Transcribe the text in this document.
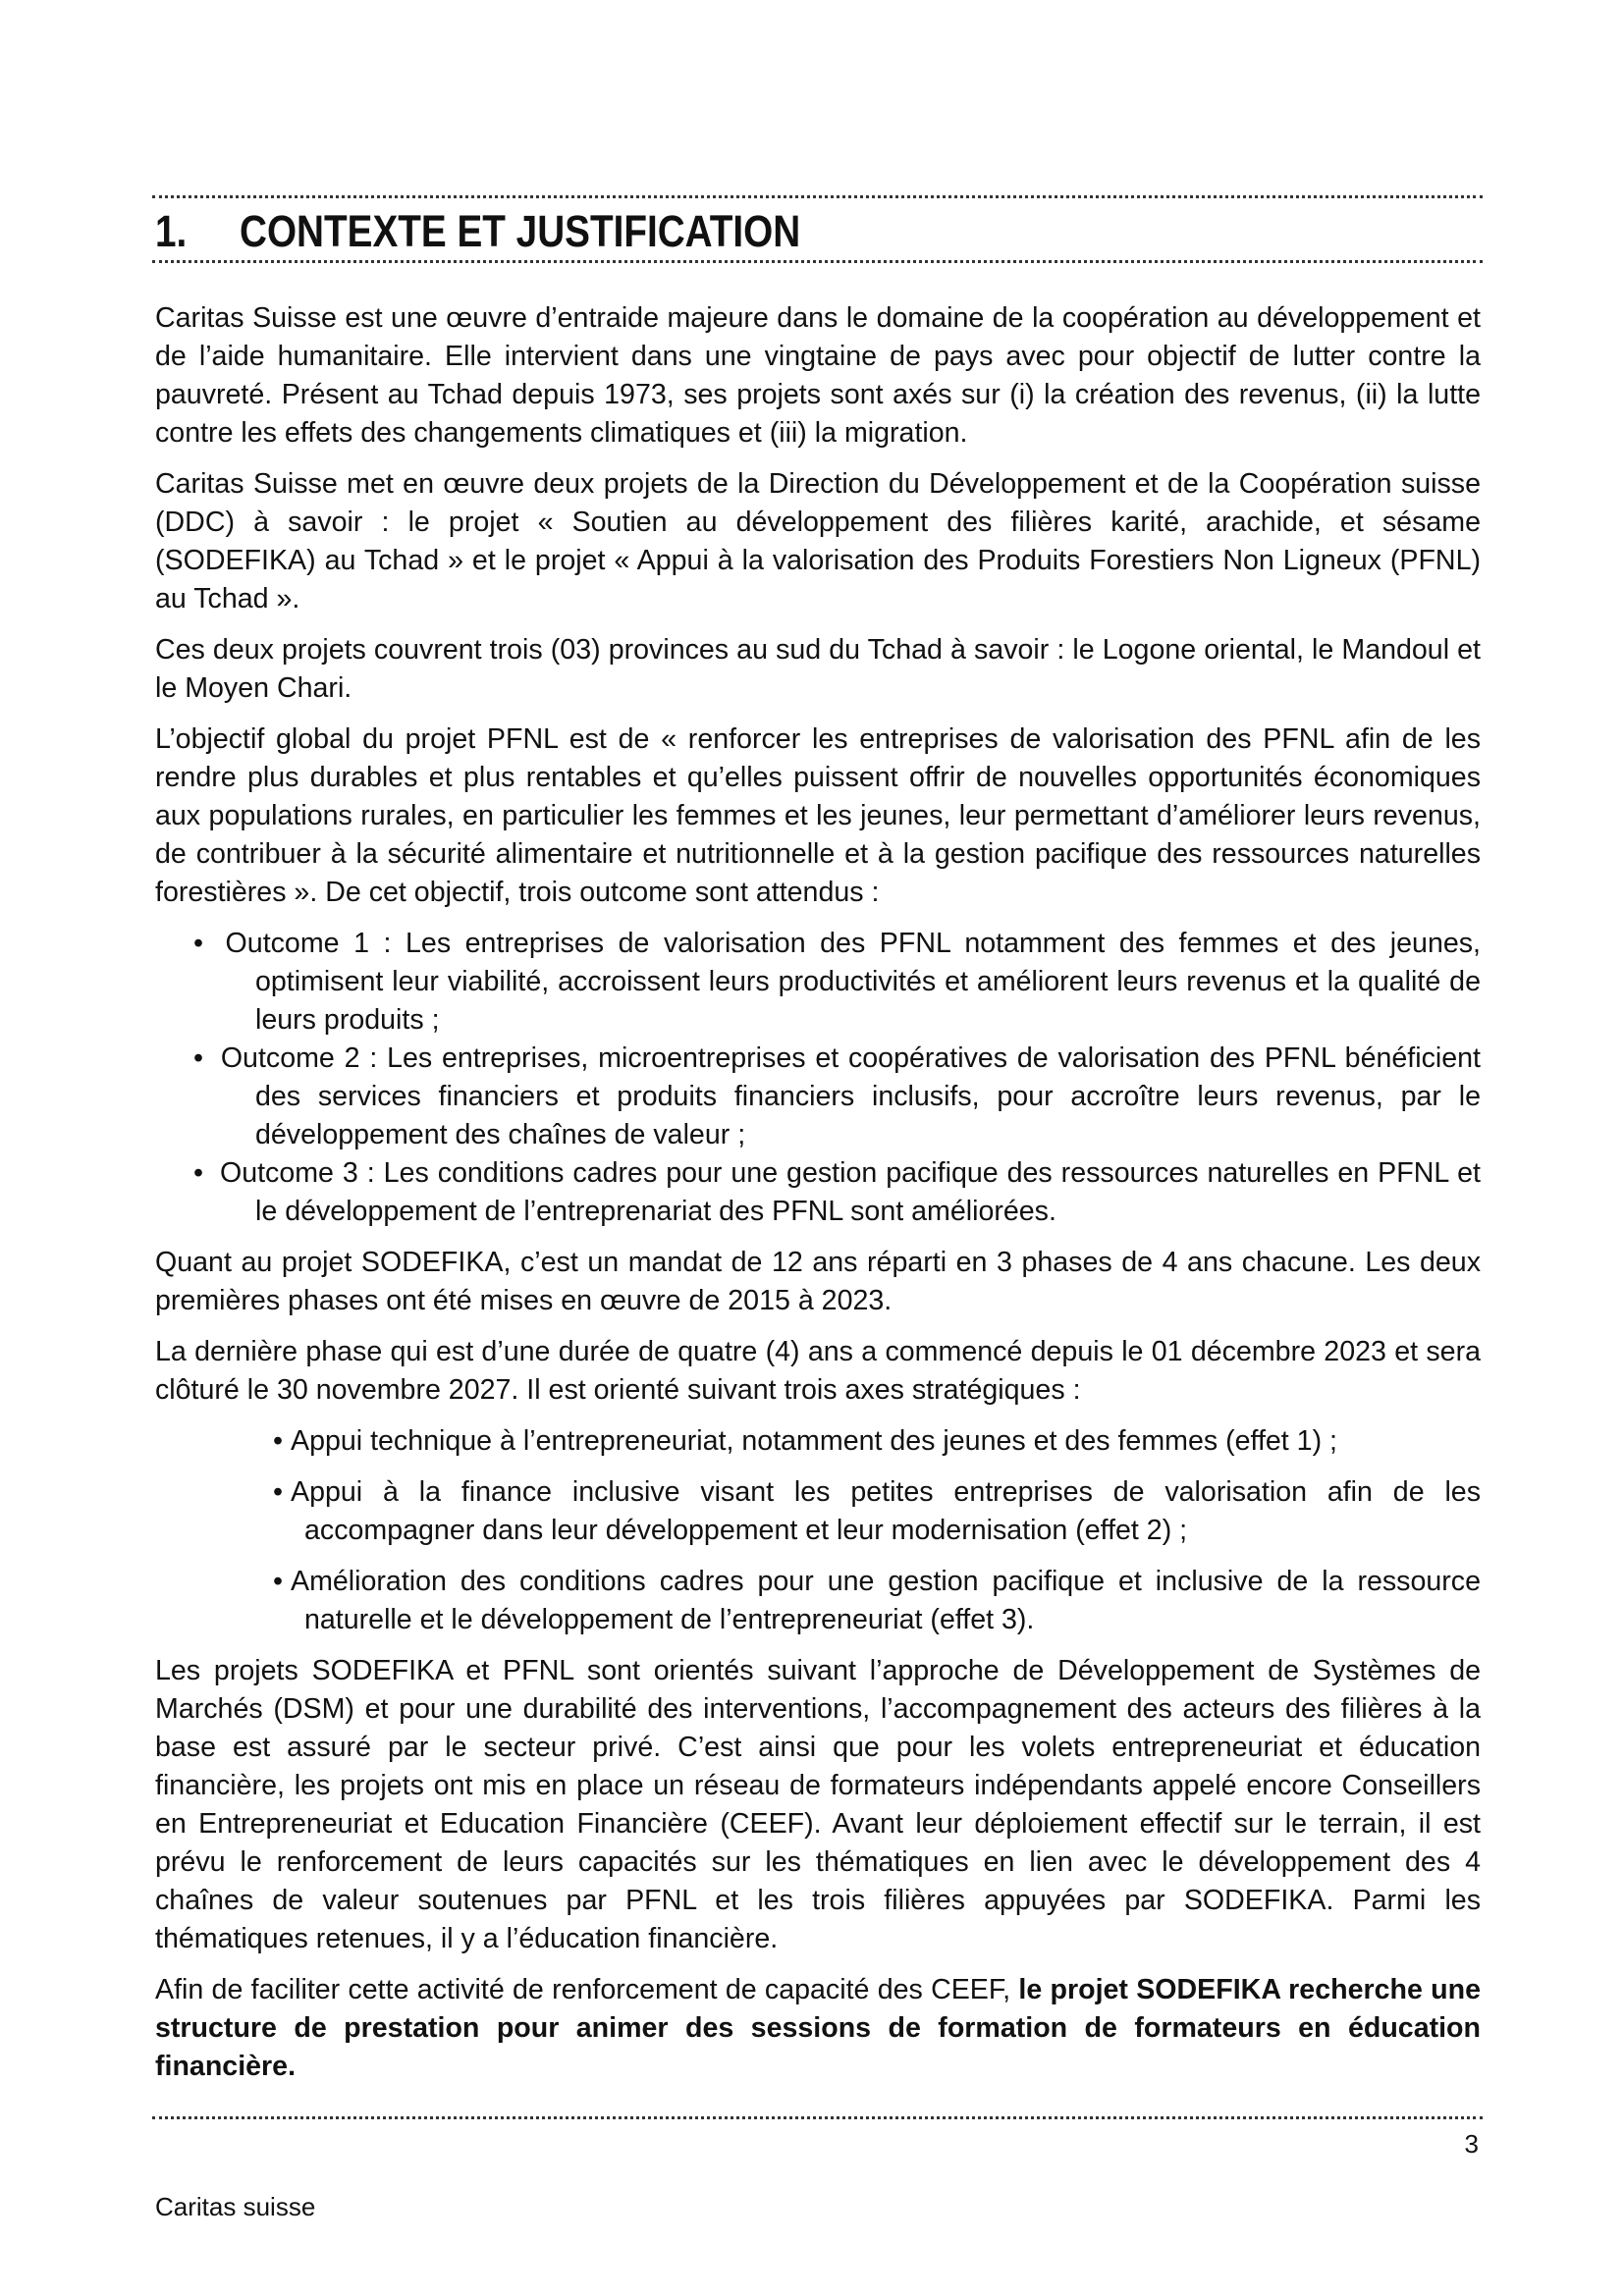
1. CONTEXTE ET JUSTIFICATION

Caritas Suisse est une œuvre d’entraide majeure dans le domaine de la coopération au développement et de l’aide humanitaire. Elle intervient dans une vingtaine de pays avec pour objectif de lutter contre la pauvreté. Présent au Tchad depuis 1973, ses projets sont axés sur (i) la création des revenus, (ii) la lutte contre les effets des changements climatiques et (iii) la migration.

Caritas Suisse met en œuvre deux projets de la Direction du Développement et de la Coopération suisse (DDC) à savoir : le projet « Soutien au développement des filières karité, arachide, et sésame (SODEFIKA) au Tchad » et le projet « Appui à la valorisation des Produits Forestiers Non Ligneux (PFNL) au Tchad ».

Ces deux projets couvrent trois (03) provinces au sud du Tchad à savoir : le Logone oriental, le Mandoul et le Moyen Chari.

L’objectif global du projet PFNL est de « renforcer les entreprises de valorisation des PFNL afin de les rendre plus durables et plus rentables et qu’elles puissent offrir de nouvelles opportunités économiques aux populations rurales, en particulier les femmes et les jeunes, leur permettant d’améliorer leurs revenus, de contribuer à la sécurité alimentaire et nutritionnelle et à la gestion pacifique des ressources naturelles forestières ». De cet objectif, trois outcome sont attendus :

• Outcome 1 : Les entreprises de valorisation des PFNL notamment des femmes et des jeunes, optimisent leur viabilité, accroissent leurs productivités et améliorent leurs revenus et la qualité de leurs produits ;
• Outcome 2 : Les entreprises, microentreprises et coopératives de valorisation des PFNL bénéficient des services financiers et produits financiers inclusifs, pour accroître leurs revenus, par le développement des chaînes de valeur ;
• Outcome 3 : Les conditions cadres pour une gestion pacifique des ressources naturelles en PFNL et le développement de l’entreprenariat des PFNL sont améliorées.

Quant au projet SODEFIKA, c’est un mandat de 12 ans réparti en 3 phases de 4 ans chacune. Les deux premières phases ont été mises en œuvre de 2015 à 2023.

La dernière phase qui est d’une durée de quatre (4) ans a commencé depuis le 01 décembre 2023 et sera clôturé le 30 novembre 2027. Il est orienté suivant trois axes stratégiques :

• Appui technique à l’entrepreneuriat, notamment des jeunes et des femmes (effet 1) ;
• Appui à la finance inclusive visant les petites entreprises de valorisation afin de les accompagner dans leur développement et leur modernisation (effet 2) ;
• Amélioration des conditions cadres pour une gestion pacifique et inclusive de la ressource naturelle et le développement de l’entrepreneuriat (effet 3).

Les projets SODEFIKA et PFNL sont orientés suivant l’approche de Développement de Systèmes de Marchés (DSM) et pour une durabilité des interventions, l’accompagnement des acteurs des filières à la base est assuré par le secteur privé. C’est ainsi que pour les volets entrepreneuriat et éducation financière, les projets ont mis en place un réseau de formateurs indépendants appelé encore Conseillers en Entrepreneuriat et Education Financière (CEEF). Avant leur déploiement effectif sur le terrain, il est prévu le renforcement de leurs capacités sur les thématiques en lien avec le développement des 4 chaînes de valeur soutenues par PFNL et les trois filières appuyées par SODEFIKA. Parmi les thématiques retenues, il y a l’éducation financière.

Afin de faciliter cette activité de renforcement de capacité des CEEF, le projet SODEFIKA recherche une structure de prestation pour animer des sessions de formation de formateurs en éducation financière.

3
Caritas suisse
